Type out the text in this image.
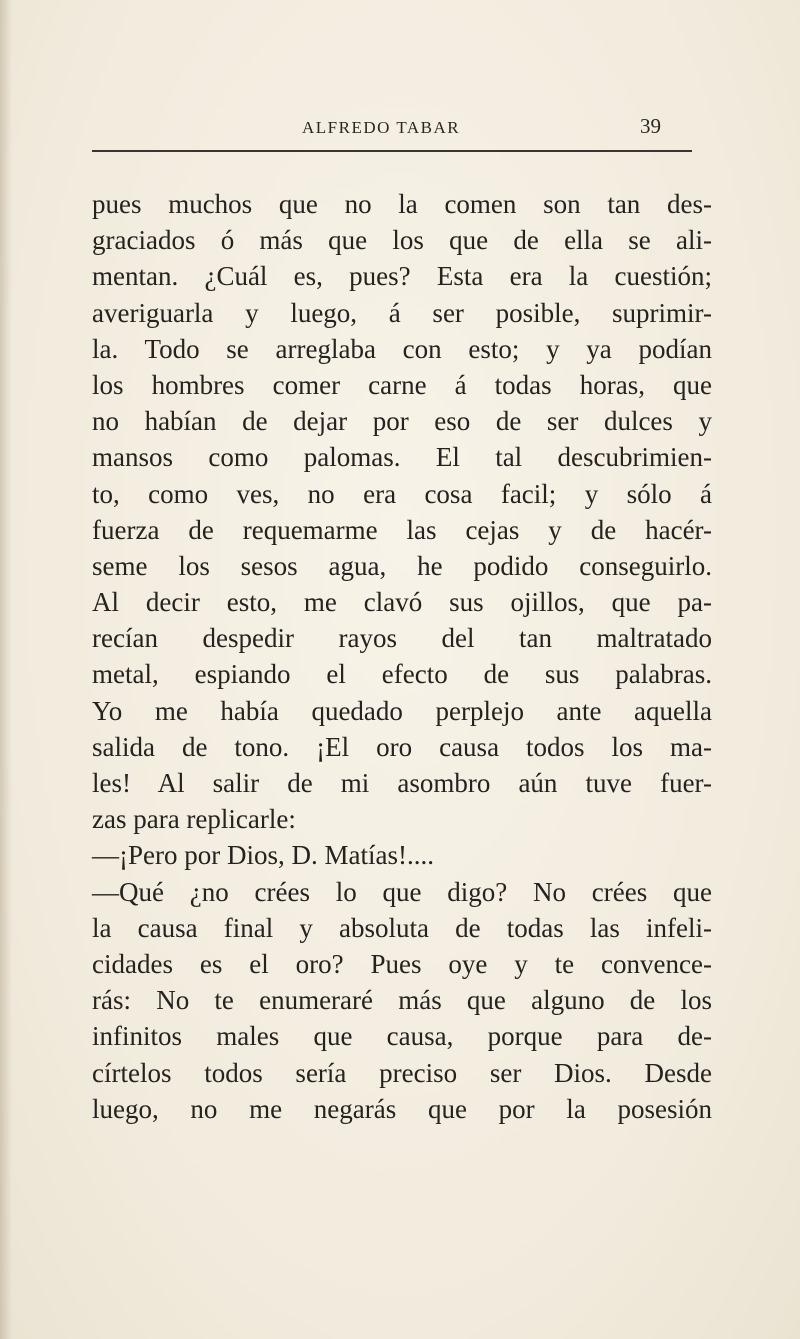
ALFREDO TABAR	39
pues muchos que no la comen son tan des-
graciados ó más que los que de ella se ali-
mentan. ¿Cuál es, pues? Esta era la cuestión;
averiguarla y luego, á ser posible, suprimir-
la. Todo se arreglaba con esto; y ya podían
los hombres comer carne á todas horas, que
no habían de dejar por eso de ser dulces y
mansos como palomas. El tal descubrimien-
to, como ves, no era cosa facil; y sólo á
fuerza de requemarme las cejas y de hacér-
seme los sesos agua, he podido conseguirlo.
Al decir esto, me clavó sus ojillos, que pa-
recían despedir rayos del tan maltratado
metal, espiando el efecto de sus palabras.
Yo me había quedado perplejo ante aquella
salida de tono. ¡El oro causa todos los ma-
les! Al salir de mi asombro aún tuve fuer-
zas para replicarle:
—¡Pero por Dios, D. Matías!....
—Qué ¿no crées lo que digo? No crées que
la causa final y absoluta de todas las infeli-
cidades es el oro? Pues oye y te convence-
rás: No te enumeraré más que alguno de los
infinitos males que causa, porque para de-
círtelos todos sería preciso ser Dios. Desde
luego, no me negarás que por la posesión
